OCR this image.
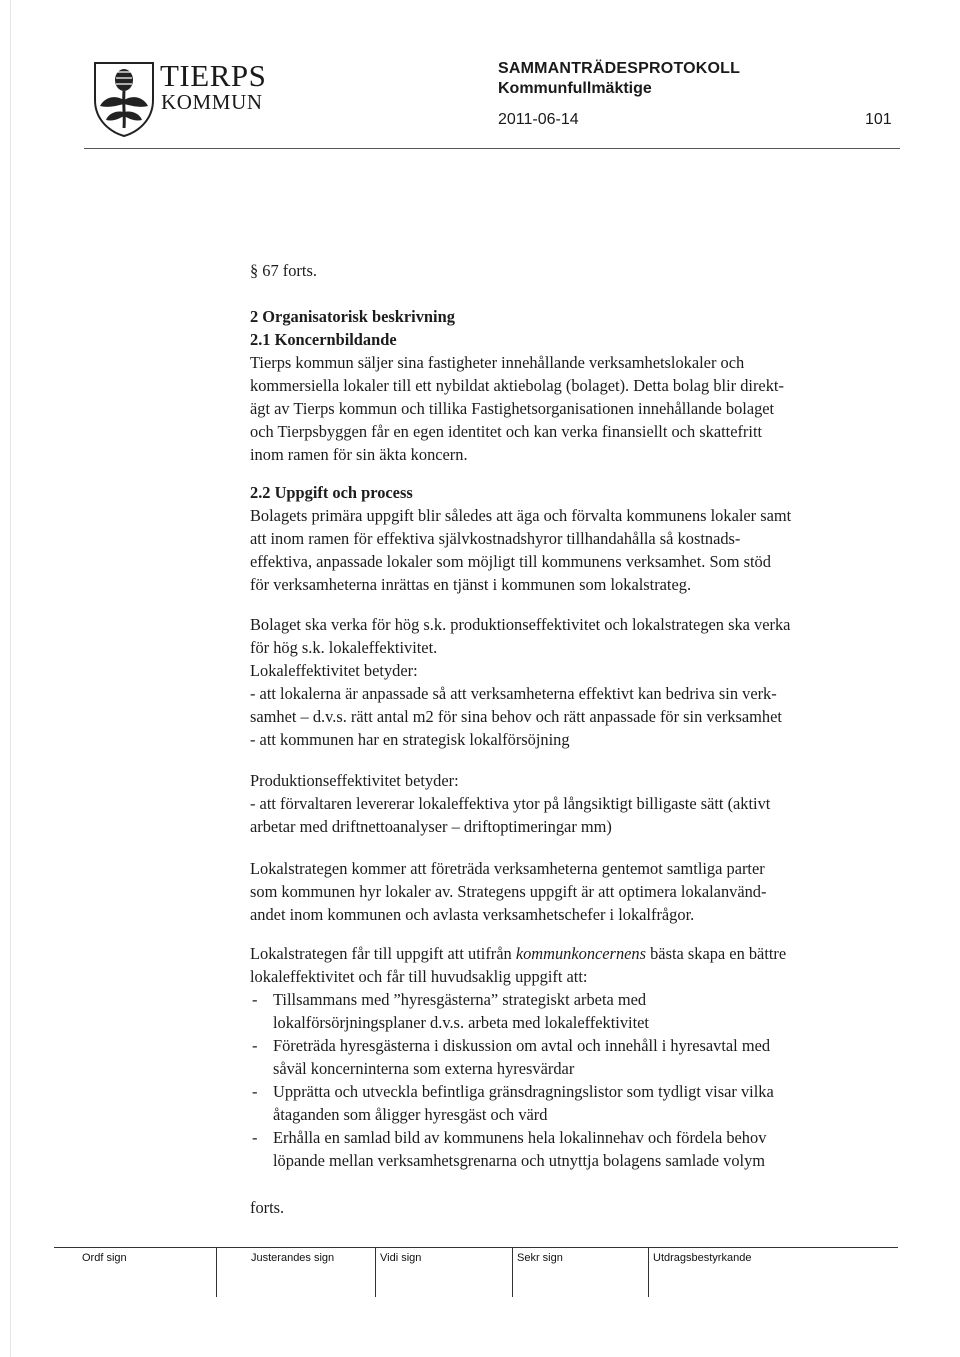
TIERPS
KOMMUN
SAMMANTRÄDESPROTOKOLL
Kommunfullmäktige
2011-06-14	101
§ 67 forts.
2 Organisatorisk beskrivning
2.1 Koncernbildande
Tierps kommun säljer sina fastigheter innehållande verksamhetslokaler och
kommersiella lokaler till ett nybildat aktiebolag (bolaget). Detta bolag blir direkt-
ägt av Tierps kommun och tillika Fastighetsorganisationen innehållande bolaget
och Tierpsbyggen får en egen identitet och kan verka finansiellt och skattefritt
inom ramen för sin äkta koncern.
2.2 Uppgift och process
Bolagets primära uppgift blir således att äga och förvalta kommunens lokaler samt
att inom ramen för effektiva självkostnadshyror tillhandahålla så kostnads-
effektiva, anpassade lokaler som möjligt till kommunens verksamhet. Som stöd
för verksamheterna inrättas en tjänst i kommunen som lokalstrateg.
Bolaget ska verka för hög s.k. produktionseffektivitet och lokalstrategen ska verka
för hög s.k. lokaleffektivitet.
Lokaleffektivitet betyder:
- att lokalerna är anpassade så att verksamheterna effektivt kan bedriva sin verk-
samhet – d.v.s. rätt antal m2 för sina behov och rätt anpassade för sin verksamhet
- att kommunen har en strategisk lokalförsöjning
Produktionseffektivitet betyder:
- att förvaltaren levererar lokaleffektiva ytor på långsiktigt billigaste sätt (aktivt
arbetar med driftnettoanalyser – driftoptimeringar mm)
Lokalstrategen kommer att företräda verksamheterna gentemot samtliga parter
som kommunen hyr lokaler av. Strategens uppgift är att optimera lokalanvänd-
andet inom kommunen och avlasta verksamhetschefer i lokalfrågor.
Lokalstrategen får till uppgift att utifrån kommunkoncernens bästa skapa en bättre
lokaleffektivitet och får till huvudsaklig uppgift att:
- Tillsammans med ”hyresgästerna” strategiskt arbeta med
lokalförsörjningsplaner d.v.s. arbeta med lokaleffektivitet
- Företräda hyresgästerna i diskussion om avtal och innehåll i hyresavtal med
såväl koncerninterna som externa hyresvärdar
- Upprätta och utveckla befintliga gränsdragningslistor som tydligt visar vilka
åtaganden som åligger hyresgäst och värd
- Erhålla en samlad bild av kommunens hela lokalinnehav och fördela behov
löpande mellan verksamhetsgrenarna och utnyttja bolagens samlade volym
forts.
Ordf sign	Justerandes sign	Vidi sign	Sekr sign	Utdragsbestyrkande
